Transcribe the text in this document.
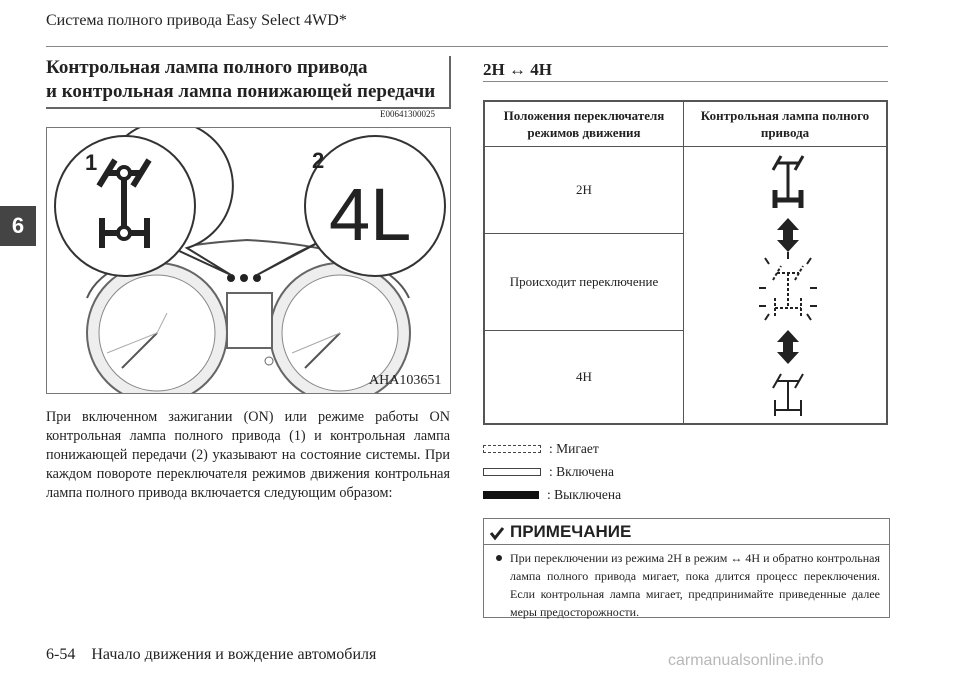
Система полного привода Easy Select 4WD*
6
Контрольная лампа полного привода
и контрольная лампа понижающей передачи
E00641300025
1	2
4L
AHA103651
При включенном зажигании (ON) или режиме работы ON контрольная лампа полного привода (1) и контрольная лампа понижающей передачи (2) указывают на состояние системы. При каждом повороте переключателя режимов движения контрольная лампа полного привода включается следующим образом:
2H ↔ 4H
Положения переключателя режимов движения	Контрольная лампа полного привода
2H	
Происходит переключение	
4H	
: Мигает
: Включена
: Выключена
ПРИМЕЧАНИЕ
При переключении из режима 2H в режим ↔ 4H и обратно контрольная лампа полного привода мигает, пока длится процесс переключения. Если контрольная лампа мигает, предпринимайте приведенные далее меры предосторожности.
6-54    Начало движения и вождение автомобиля	carmanualsonline.info
